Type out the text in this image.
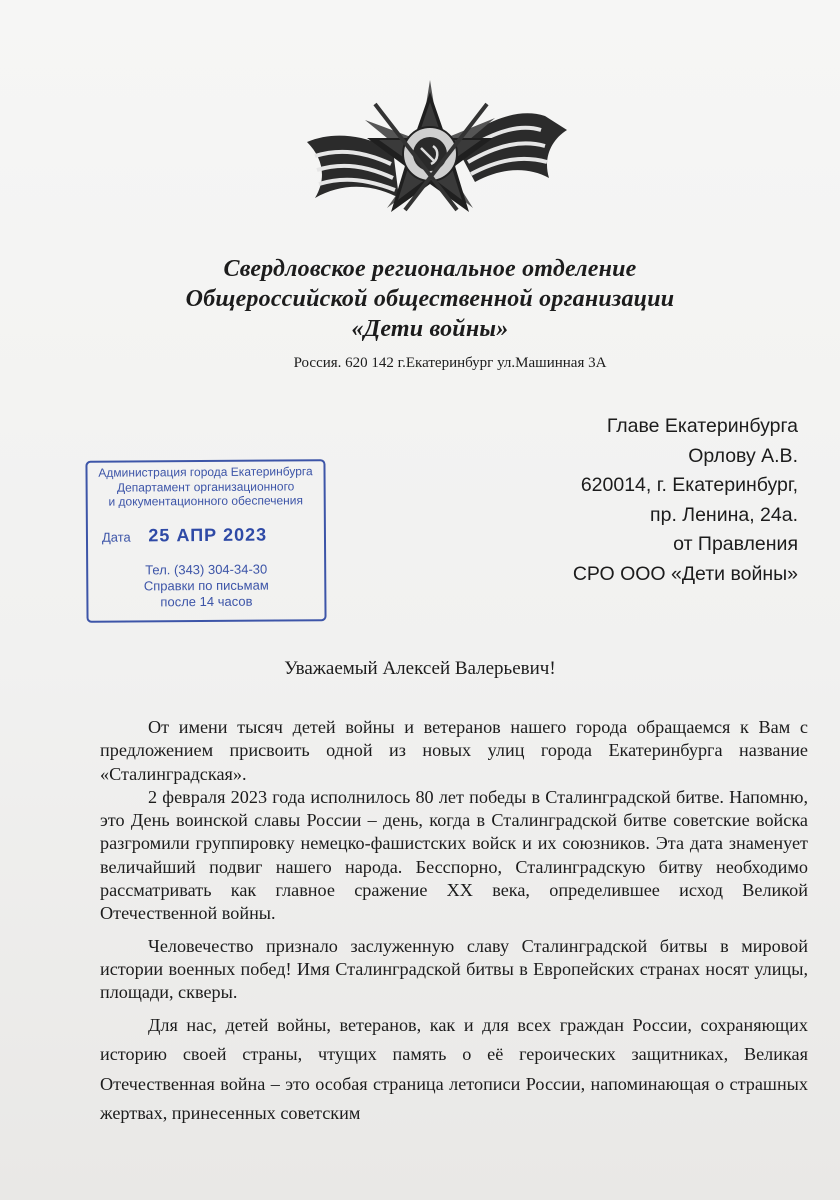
Свердловское региональное отделение
Общероссийской общественной организации
«Дети войны»
Россия. 620 142 г.Екатеринбург ул.Машинная 3А
Главе Екатеринбурга
Орлову А.В.
620014, г. Екатеринбург,
пр. Ленина, 24а.
от Правления
СРО ООО «Дети войны»
Администрация города Екатеринбурга
Департамент организационного
и документационного обеспечения
Дата 25 АПР 2023
Тел. (343) 304-34-30
Справки по письмам
после 14 часов
Уважаемый Алексей Валерьевич!

От имени тысяч детей войны и ветеранов нашего города обращаемся к Вам с предложением присвоить одной из новых улиц города Екатеринбурга название «Сталинградская».

2 февраля 2023 года исполнилось 80 лет победы в Сталинградской битве. Напомню, это День воинской славы России – день, когда в Сталинградской битве советские войска разгромили группировку немецко-фашистских войск и их союзников. Эта дата знаменует величайший подвиг нашего народа. Бесспорно, Сталинградскую битву необходимо рассматривать как главное сражение XX века, определившее исход Великой Отечественной войны.

Человечество признало заслуженную славу Сталинградской битвы в мировой истории военных побед! Имя Сталинградской битвы в Европейских странах носят улицы, площади, скверы.

Для нас, детей войны, ветеранов, как и для всех граждан России, сохраняющих историю своей страны, чтущих память о её героических защитниках, Великая Отечественная война – это особая страница летописи России, напоминающая о страшных жертвах, принесенных советским
